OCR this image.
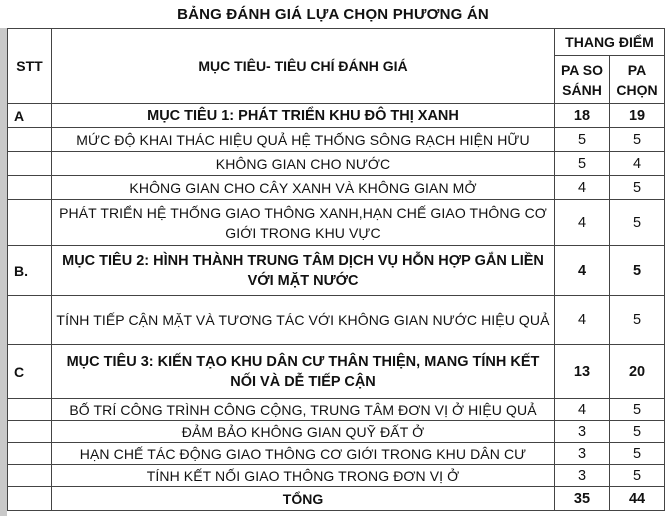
BẢNG ĐÁNH GIÁ LỰA CHỌN PHƯƠNG ÁN
STT	MỤC TIÊU- TIÊU CHÍ ĐÁNH GIÁ	THANG ĐIỂM	
		PA SO SÁNH	PA CHỌN

A	MỤC TIÊU 1: PHÁT TRIỂN KHU ĐÔ THỊ XANH	18	19
	MỨC ĐỘ KHAI THÁC HIỆU QUẢ HỆ THỐNG SÔNG RẠCH HIỆN HỮU	5	5
	KHÔNG GIAN CHO NƯỚC	5	4
	KHÔNG GIAN CHO CÂY XANH VÀ KHÔNG GIAN MỞ	4	5
	PHÁT TRIỂN HỆ THỐNG GIAO THÔNG XANH,HẠN CHẾ GIAO THÔNG CƠ GIỚI TRONG KHU VỰC	4	5
B.	MỤC TIÊU 2: HÌNH THÀNH TRUNG TÂM DỊCH VỤ HỖN HỢP GẮN LIỀN VỚI MẶT NƯỚC	4	5
	TÍNH TIẾP CẬN MẶT VÀ TƯƠNG TÁC VỚI KHÔNG GIAN NƯỚC HIỆU QUẢ	4	5
C	MỤC TIÊU 3: KIẾN TẠO KHU DÂN CƯ THÂN THIỆN, MANG TÍNH KẾT NỐI VÀ DỄ TIẾP CẬN	13	20
	BỐ TRÍ CÔNG TRÌNH CÔNG CỘNG, TRUNG TÂM ĐƠN VỊ Ở HIỆU QUẢ	4	5
	ĐẢM BẢO KHÔNG GIAN QUỸ ĐẤT Ở	3	5
	HẠN CHẾ TÁC ĐỘNG GIAO THÔNG CƠ GIỚI TRONG KHU DÂN CƯ	3	5
	TÍNH KẾT NỐI GIAO THÔNG TRONG ĐƠN VỊ Ở	3	5
	TỔNG	35	44
